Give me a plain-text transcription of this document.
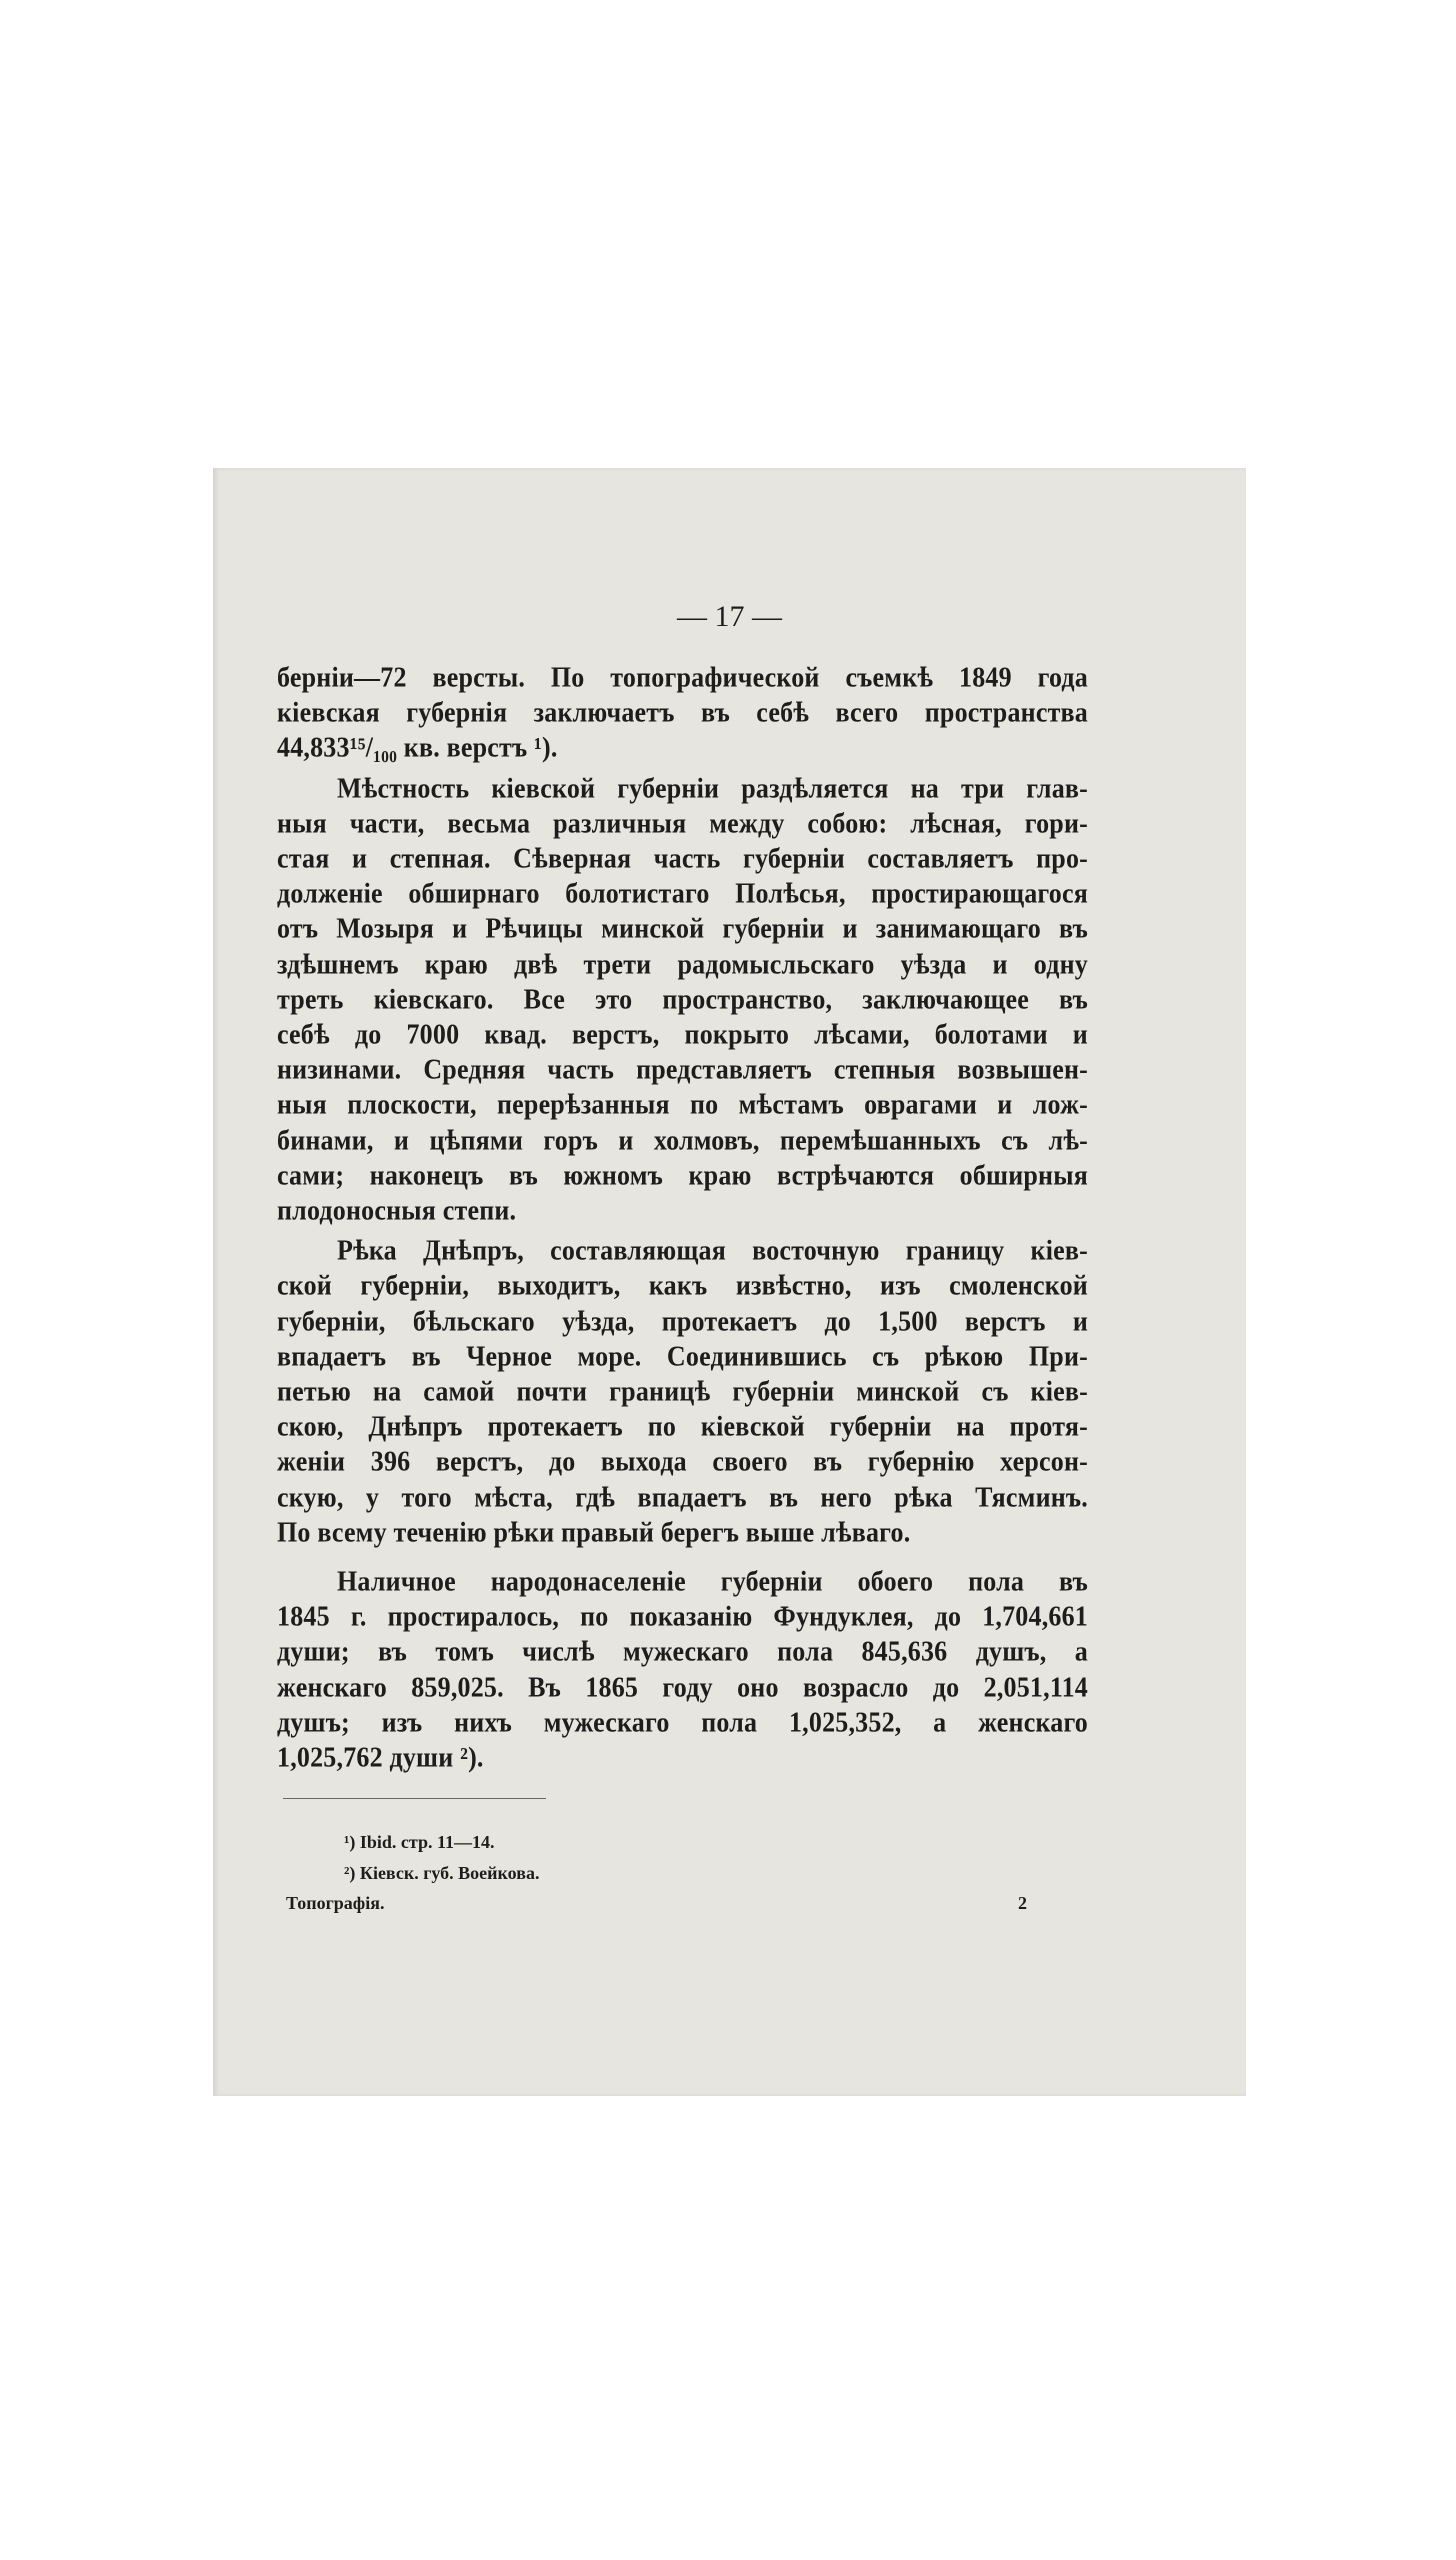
— 17 —
берніи—72 версты. По топографической съемкѣ 1849 года
кіевская губернія заключаетъ въ себѣ всего пространства
44,833¹⁵/₁₀₀ кв. верстъ ¹).
Мѣстность кіевской губерніи раздѣляется на три глав-
ныя части, весьма различныя между собою: лѣсная, гори-
стая и степная. Сѣверная часть губерніи составляетъ про-
долженіе обширнаго болотистаго Полѣсья, простирающагося
отъ Мозыря и Рѣчицы минской губерніи и занимающаго въ
здѣшнемъ краю двѣ трети радомысльскаго уѣзда и одну
треть кіевскаго. Все это пространство, заключающее въ
себѣ до 7000 квад. верстъ, покрыто лѣсами, болотами и
низинами. Средняя часть представляетъ степныя возвышен-
ныя плоскости, перерѣзанныя по мѣстамъ оврагами и лож-
бинами, и цѣпями горъ и холмовъ, перемѣшанныхъ съ лѣ-
сами; наконецъ въ южномъ краю встрѣчаются обширныя
плодоносныя степи.
Рѣка Днѣпръ, составляющая восточную границу кіев-
ской губерніи, выходитъ, какъ извѣстно, изъ смоленской
губерніи, бѣльскаго уѣзда, протекаетъ до 1,500 верстъ и
впадаетъ въ Черное море. Соединившись съ рѣкою При-
петью на самой почти границѣ губерніи минской съ кіев-
скою, Днѣпръ протекаетъ по кіевской губерніи на протя-
женіи 396 верстъ, до выхода своего въ губернію херсон-
скую, у того мѣста, гдѣ впадаетъ въ него рѣка Тясминъ.
По всему теченію рѣки правый берегъ выше лѣваго.
Наличное народонаселеніе губерніи обоего пола въ
1845 г. простиралось, по показанію Фундуклея, до 1,704,661
души; въ томъ числѣ мужескаго пола 845,636 душъ, а
женскаго 859,025. Въ 1865 году оно возрасло до 2,051,114
душъ; изъ нихъ мужескаго пола 1,025,352, а женскаго
1,025,762 души ²).
¹) Ibid. стр. 11—14.
²) Кіевск. губ. Воейкова.
Топографія.	2
